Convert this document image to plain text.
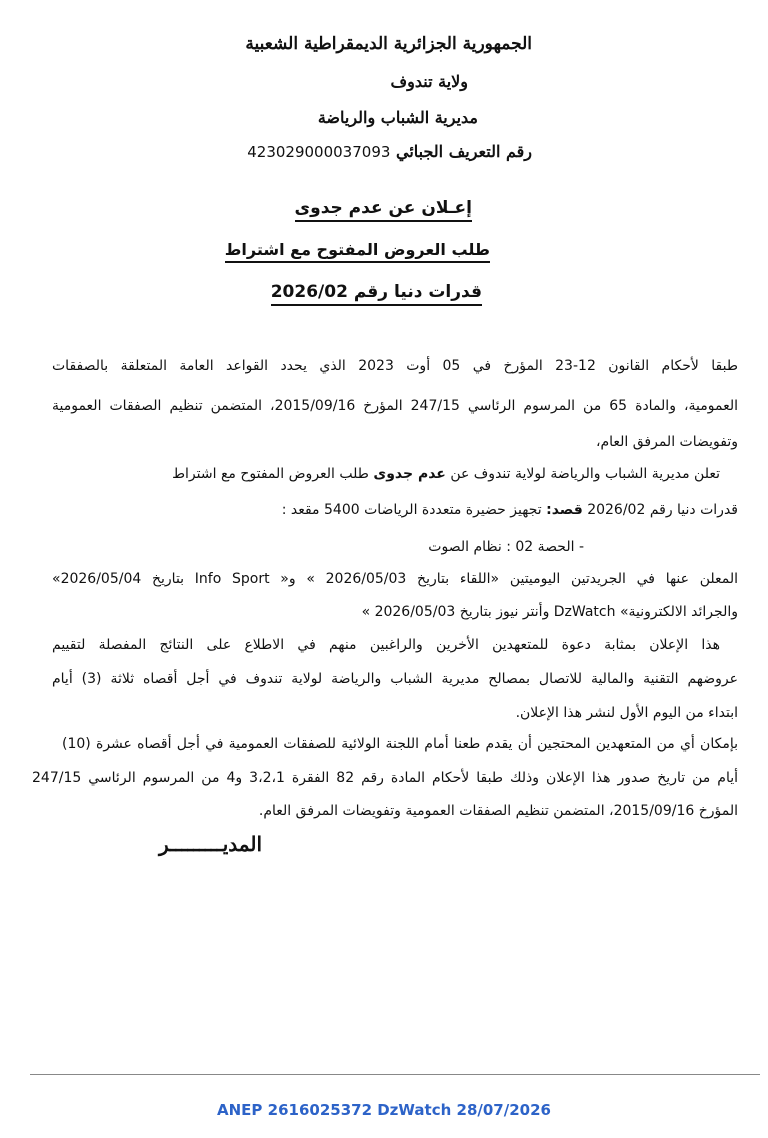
الجمهورية الجزائرية الديمقراطية الشعبية
ولاية تندوف
مديرية الشباب والرياضة
رقم التعريف الجبائي 423029000037093
إعـلان عن عدم جدوى
طلب العروض المفتوح مع اشتراط
قدرات دنيا رقم 2026/02
طبقا لأحكام القانون 12-23 المؤرخ في 05 أوت 2023 الذي يحدد القواعد العامة المتعلقة بالصفقات
العمومية، والمادة 65 من المرسوم الرئاسي 247/15 المؤرخ 2015/09/16، المتضمن تنظيم الصفقات العمومية
وتفويضات المرفق العام،
تعلن مديرية الشباب والرياضة لولاية تندوف عن عدم جدوى طلب العروض المفتوح مع اشتراط
قدرات دنيا رقم 2026/02 قصد: تجهيز حضيرة متعددة الرياضات 5400 مقعد :
- الحصة 02 : نظام الصوت
المعلن عنها في الجريدتين اليوميتين «اللقاء بتاريخ 2026/05/03 » و« Info Sport بتاريخ 2026/05/04»
والجرائد الالكترونية» DzWatch وأنتر نيوز بتاريخ 2026/05/03 »
هذا الإعلان بمثابة دعوة للمتعهدين الأخرين والراغبين منهم في الاطلاع على النتائج المفصلة لتقييم
عروضهم التقنية والمالية للاتصال بمصالح مديرية الشباب والرياضة لولاية تندوف في أجل أقصاه ثلاثة (3) أيام
ابتداء من اليوم الأول لنشر هذا الإعلان.
بإمكان أي من المتعهدين المحتجين أن يقدم طعنا أمام اللجنة الولائية للصفقات العمومية في أجل أقصاه عشرة (10)
أيام من تاريخ صدور هذا الإعلان وذلك طبقا لأحكام المادة رقم 82 الفقرة 3،2،1 و4 من المرسوم الرئاسي 247/15
المؤرخ 2015/09/16، المتضمن تنظيم الصفقات العمومية وتفويضات المرفق العام.
المديـــــــــر
ANEP 2616025372 DzWatch 28/07/2026
